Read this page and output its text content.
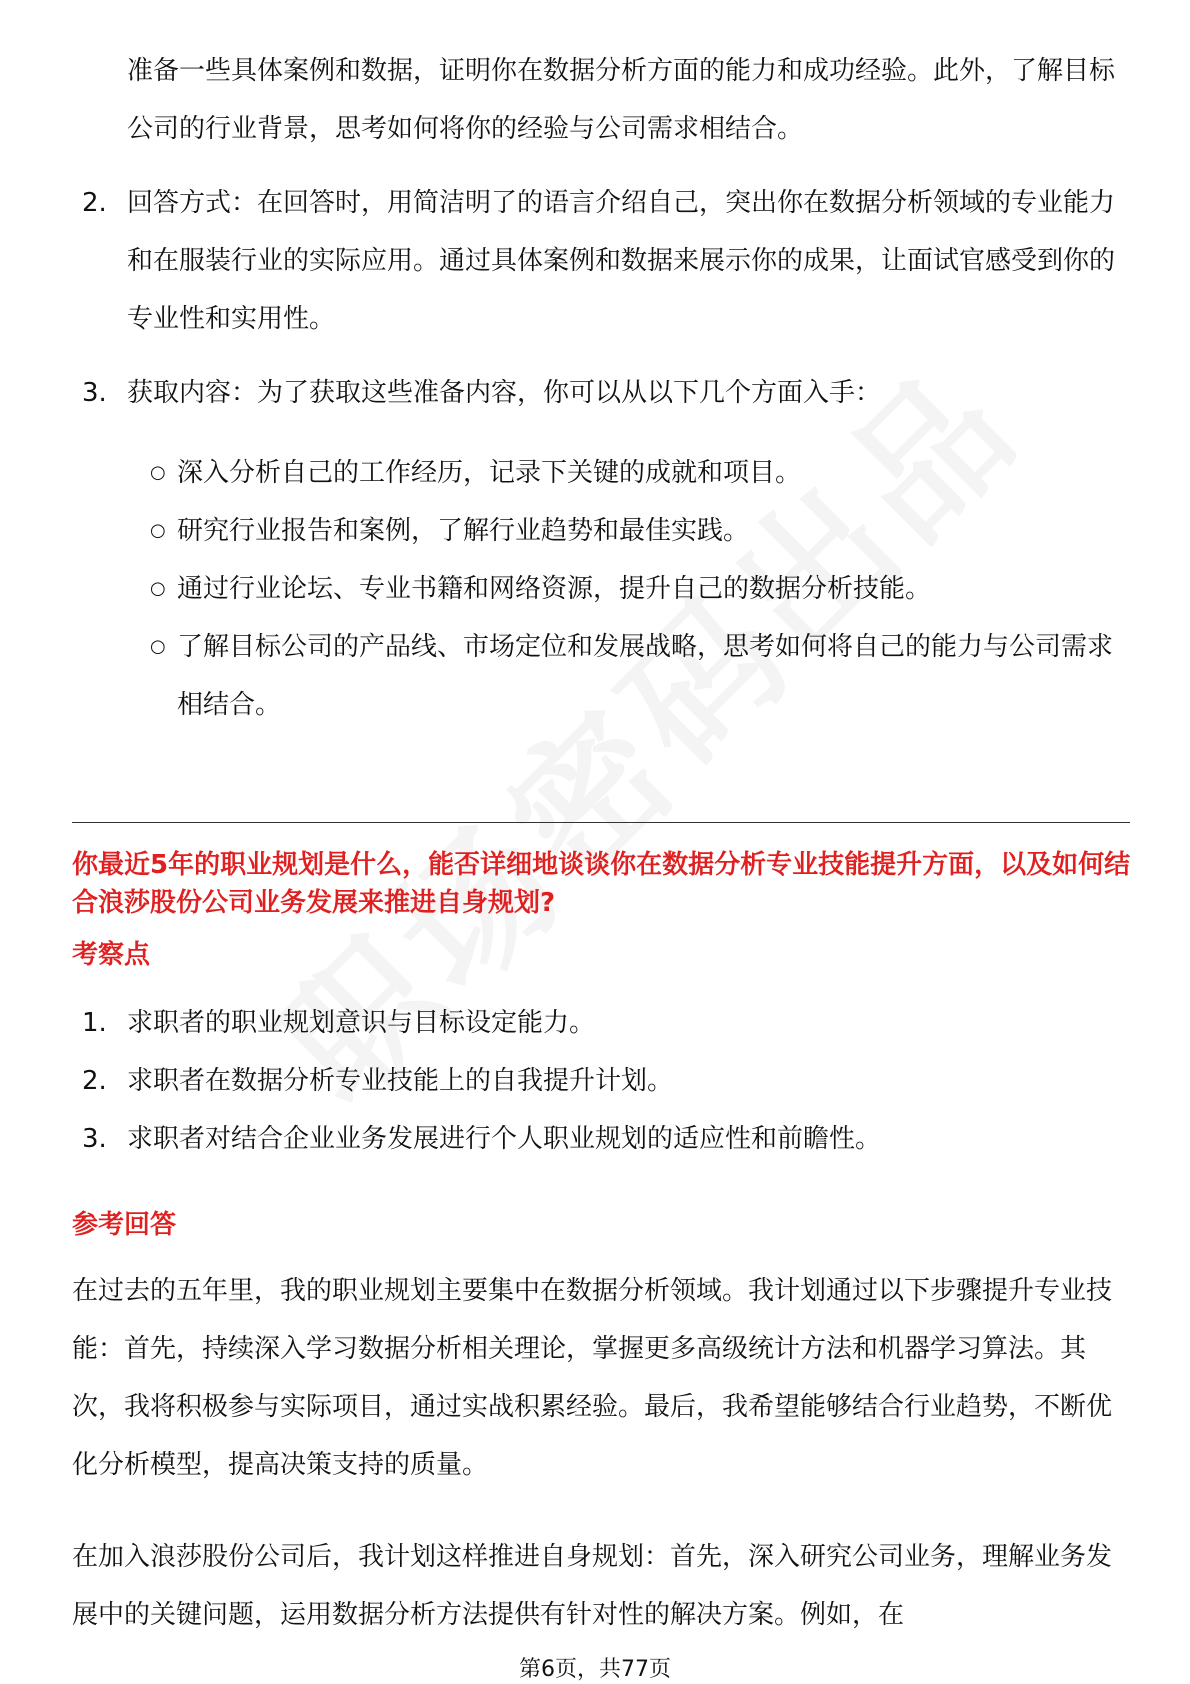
准备一些具体案例和数据，证明你在数据分析方面的能力和成功经验。此外，了解目标公司的行业背景，思考如何将你的经验与公司需求相结合。

2. 回答方式：在回答时，用简洁明了的语言介绍自己，突出你在数据分析领域的专业能力和在服装行业的实际应用。通过具体案例和数据来展示你的成果，让面试官感受到你的专业性和实用性。
3. 获取内容：为了获取这些准备内容，你可以从以下几个方面入手：
○ 深入分析自己的工作经历，记录下关键的成就和项目。
○ 研究行业报告和案例，了解行业趋势和最佳实践。
○ 通过行业论坛、专业书籍和网络资源，提升自己的数据分析技能。
○ 了解目标公司的产品线、市场定位和发展战略，思考如何将自己的能力与公司需求相结合。
你最近5年的职业规划是什么，能否详细地谈谈你在数据分析专业技能提升方面，以及如何结合浪莎股份公司业务发展来推进自身规划?
考察点
1. 求职者的职业规划意识与目标设定能力。
2. 求职者在数据分析专业技能上的自我提升计划。
3. 求职者对结合企业业务发展进行个人职业规划的适应性和前瞻性。
参考回答

在过去的五年里，我的职业规划主要集中在数据分析领域。我计划通过以下步骤提升专业技能：首先，持续深入学习数据分析相关理论，掌握更多高级统计方法和机器学习算法。其次，我将积极参与实际项目，通过实战积累经验。最后，我希望能够结合行业趋势，不断优化分析模型，提高决策支持的质量。

在加入浪莎股份公司后，我计划这样推进自身规划：首先，深入研究公司业务，理解业务发展中的关键问题，运用数据分析方法提供有针对性的解决方案。例如，在

第6页，共77页
